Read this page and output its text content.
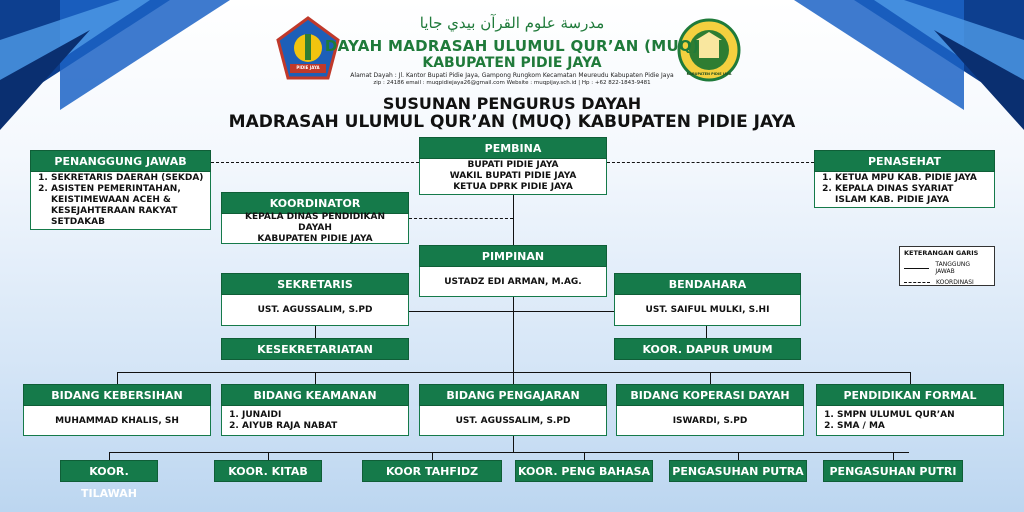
PIDIE JAYA
KABUPATEN PIDIE JAYA
مدرسة علوم القرآن بيدي جايا
DAYAH MADRASAH ULUMUL QUR’AN (MUQ)
KABUPATEN PIDIE JAYA
Alamat Dayah : Jl. Kantor Bupati Pidie Jaya, Gampong Rungkom Kecamatan Meureudu Kabupaten Pidie Jaya
zip : 24186 email : muqpidiejaya26@gmail.com Website : muqpijay.sch.id | Hp : +62 822-1843-9481
SUSUNAN PENGURUS DAYAH
MADRASAH ULUMUL QUR’AN (MUQ) KABUPATEN PIDIE JAYA
PENANGGUNG JAWAB
1. SEKRETARIS DAERAH (SEKDA)
2. ASISTEN PEMERINTAHAN, KEISTIMEWAAN ACEH & KESEJAHTERAAN RAKYAT SETDAKAB
PEMBINA
BUPATI PIDIE JAYA
WAKIL BUPATI PIDIE JAYA
KETUA DPRK PIDIE JAYA
PENASEHAT
1. KETUA MPU KAB. PIDIE JAYA
2. KEPALA DINAS SYARIAT ISLAM KAB. PIDIE JAYA
KOORDINATOR
KEPALA DINAS PENDIDIKAN DAYAH
KABUPATEN PIDIE JAYA
PIMPINAN
USTADZ EDI ARMAN, M.AG.
SEKRETARIS
UST. AGUSSALIM, S.PD
BENDAHARA
UST. SAIFUL MULKI, S.HI
KESEKRETARIATAN	KOOR. DAPUR UMUM
BIDANG KEBERSIHAN
MUHAMMAD KHALIS, SH
BIDANG KEAMANAN
1. JUNAIDI
2. AIYUB RAJA NABAT
BIDANG PENGAJARAN
UST. AGUSSALIM, S.PD
BIDANG KOPERASI DAYAH
ISWARDI, S.PD
PENDIDIKAN FORMAL
1. SMPN ULUMUL QUR’AN
2. SMA / MA
KOOR. TILAWAH
KOOR. KITAB	KOOR TAHFIDZ	KOOR. PENG BAHASA PENGASUHAN PUTRA	PENGASUHAN PUTRI
KETERANGAN GARIS
TANGGUNG JAWAB
KOORDINASI
